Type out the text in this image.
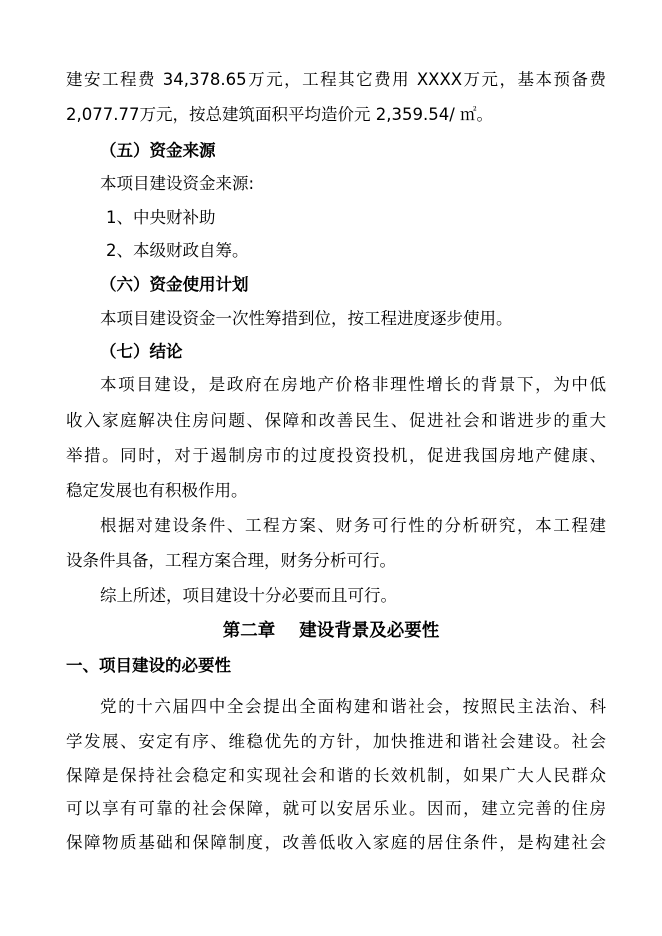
建安工程费 34,378.65万元，工程其它费用 XXXX万元，基本预备费
2,077.77万元，按总建筑面积平均造价元 2,359.54/ ㎡。
（五）资金来源
本项目建设资金来源:
1、中央财补助
2、本级财政自筹。
（六）资金使用计划
本项目建设资金一次性筹措到位，按工程进度逐步使用。
（七）结论
本项目建设，是政府在房地产价格非理性增长的背景下，为中低
收入家庭解决住房问题、保障和改善民生、促进社会和谐进步的重大
举措。同时，对于遏制房市的过度投资投机，促进我国房地产健康、
稳定发展也有积极作用。
根据对建设条件、工程方案、财务可行性的分析研究，本工程建
设条件具备，工程方案合理，财务分析可行。
综上所述，项目建设十分必要而且可行。
第二章 建设背景及必要性
一、项目建设的必要性
党的十六届四中全会提出全面构建和谐社会，按照民主法治、科
学发展、安定有序、维稳优先的方针，加快推进和谐社会建设。社会
保障是保持社会稳定和实现社会和谐的长效机制，如果广大人民群众
可以享有可靠的社会保障，就可以安居乐业。因而，建立完善的住房
保障物质基础和保障制度，改善低收入家庭的居住条件，是构建社会
